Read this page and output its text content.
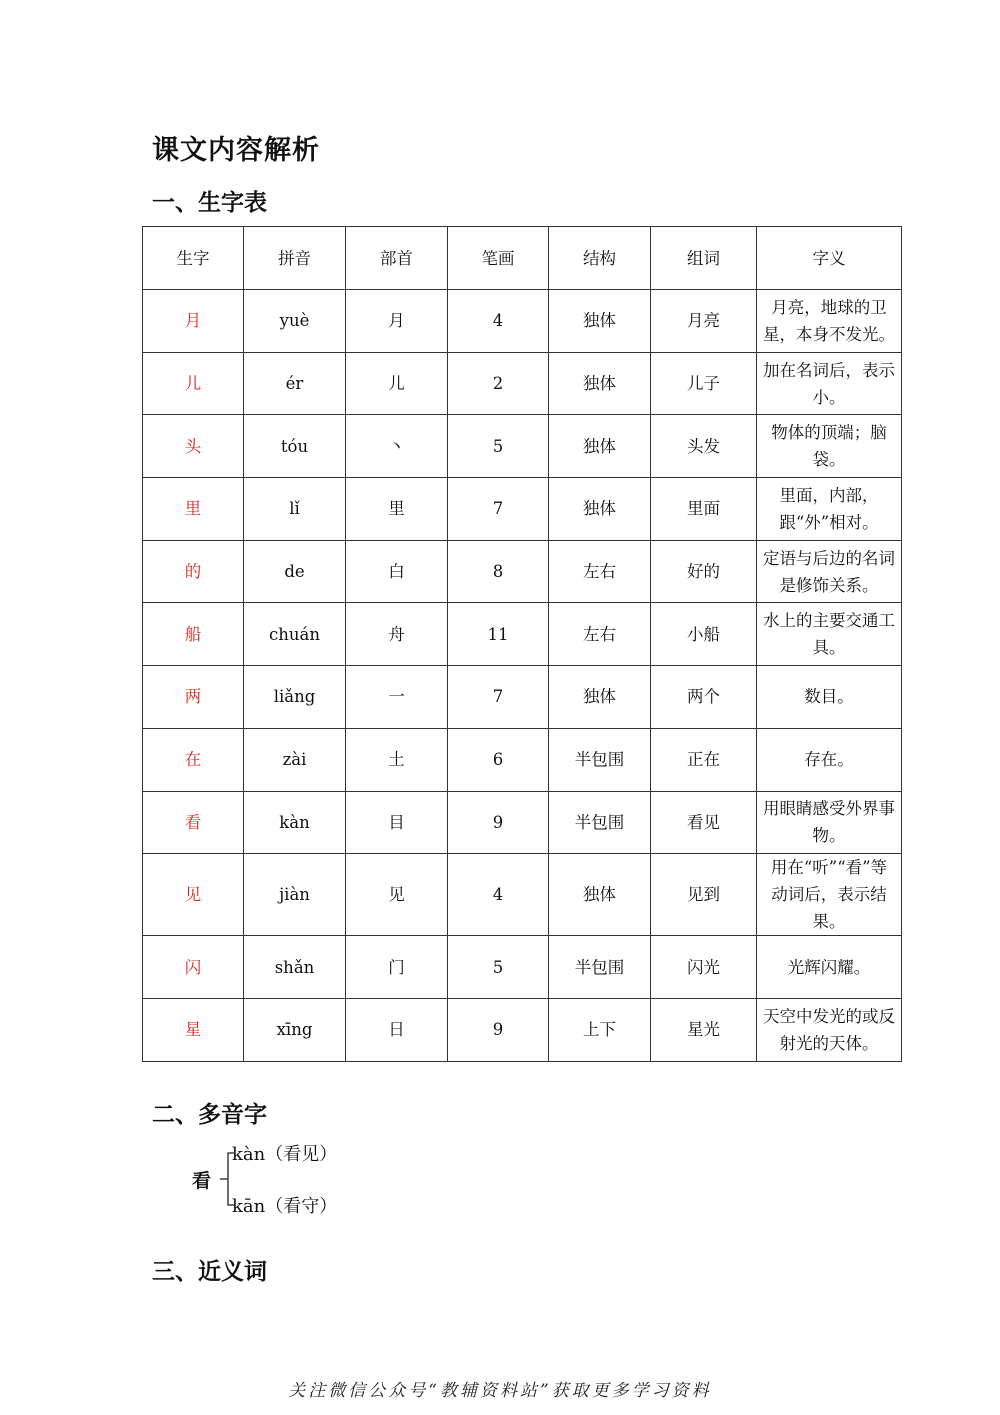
课文内容解析
一、生字表
生字	拼音	部首	笔画	结构	组词	字义
月	yuè	月	4	独体	月亮	月亮，地球的卫星，本身不发光。
儿	ér	儿	2	独体	儿子	加在名词后，表示小。
头	tóu	丶	5	独体	头发	物体的顶端；脑袋。
里	lǐ	里	7	独体	里面	里面，内部，跟“外”相对。
的	de	白	8	左右	好的	定语与后边的名词是修饰关系。
船	chuán	舟	11	左右	小船	水上的主要交通工具。
两	liǎng	一	7	独体	两个	数目。
在	zài	土	6	半包围	正在	存在。
看	kàn	目	9	半包围	看见	用眼睛感受外界事物。
见	jiàn	见	4	独体	见到	用在“听”“看”等动词后，表示结果。
闪	shǎn	门	5	半包围	闪光	光辉闪耀。
星	xīng	日	9	上下	星光	天空中发光的或反射光的天体。
二、多音字
看
kàn（看见）
kān（看守）
三、近义词
关注微信公众号“教辅资料站”获取更多学习资料
